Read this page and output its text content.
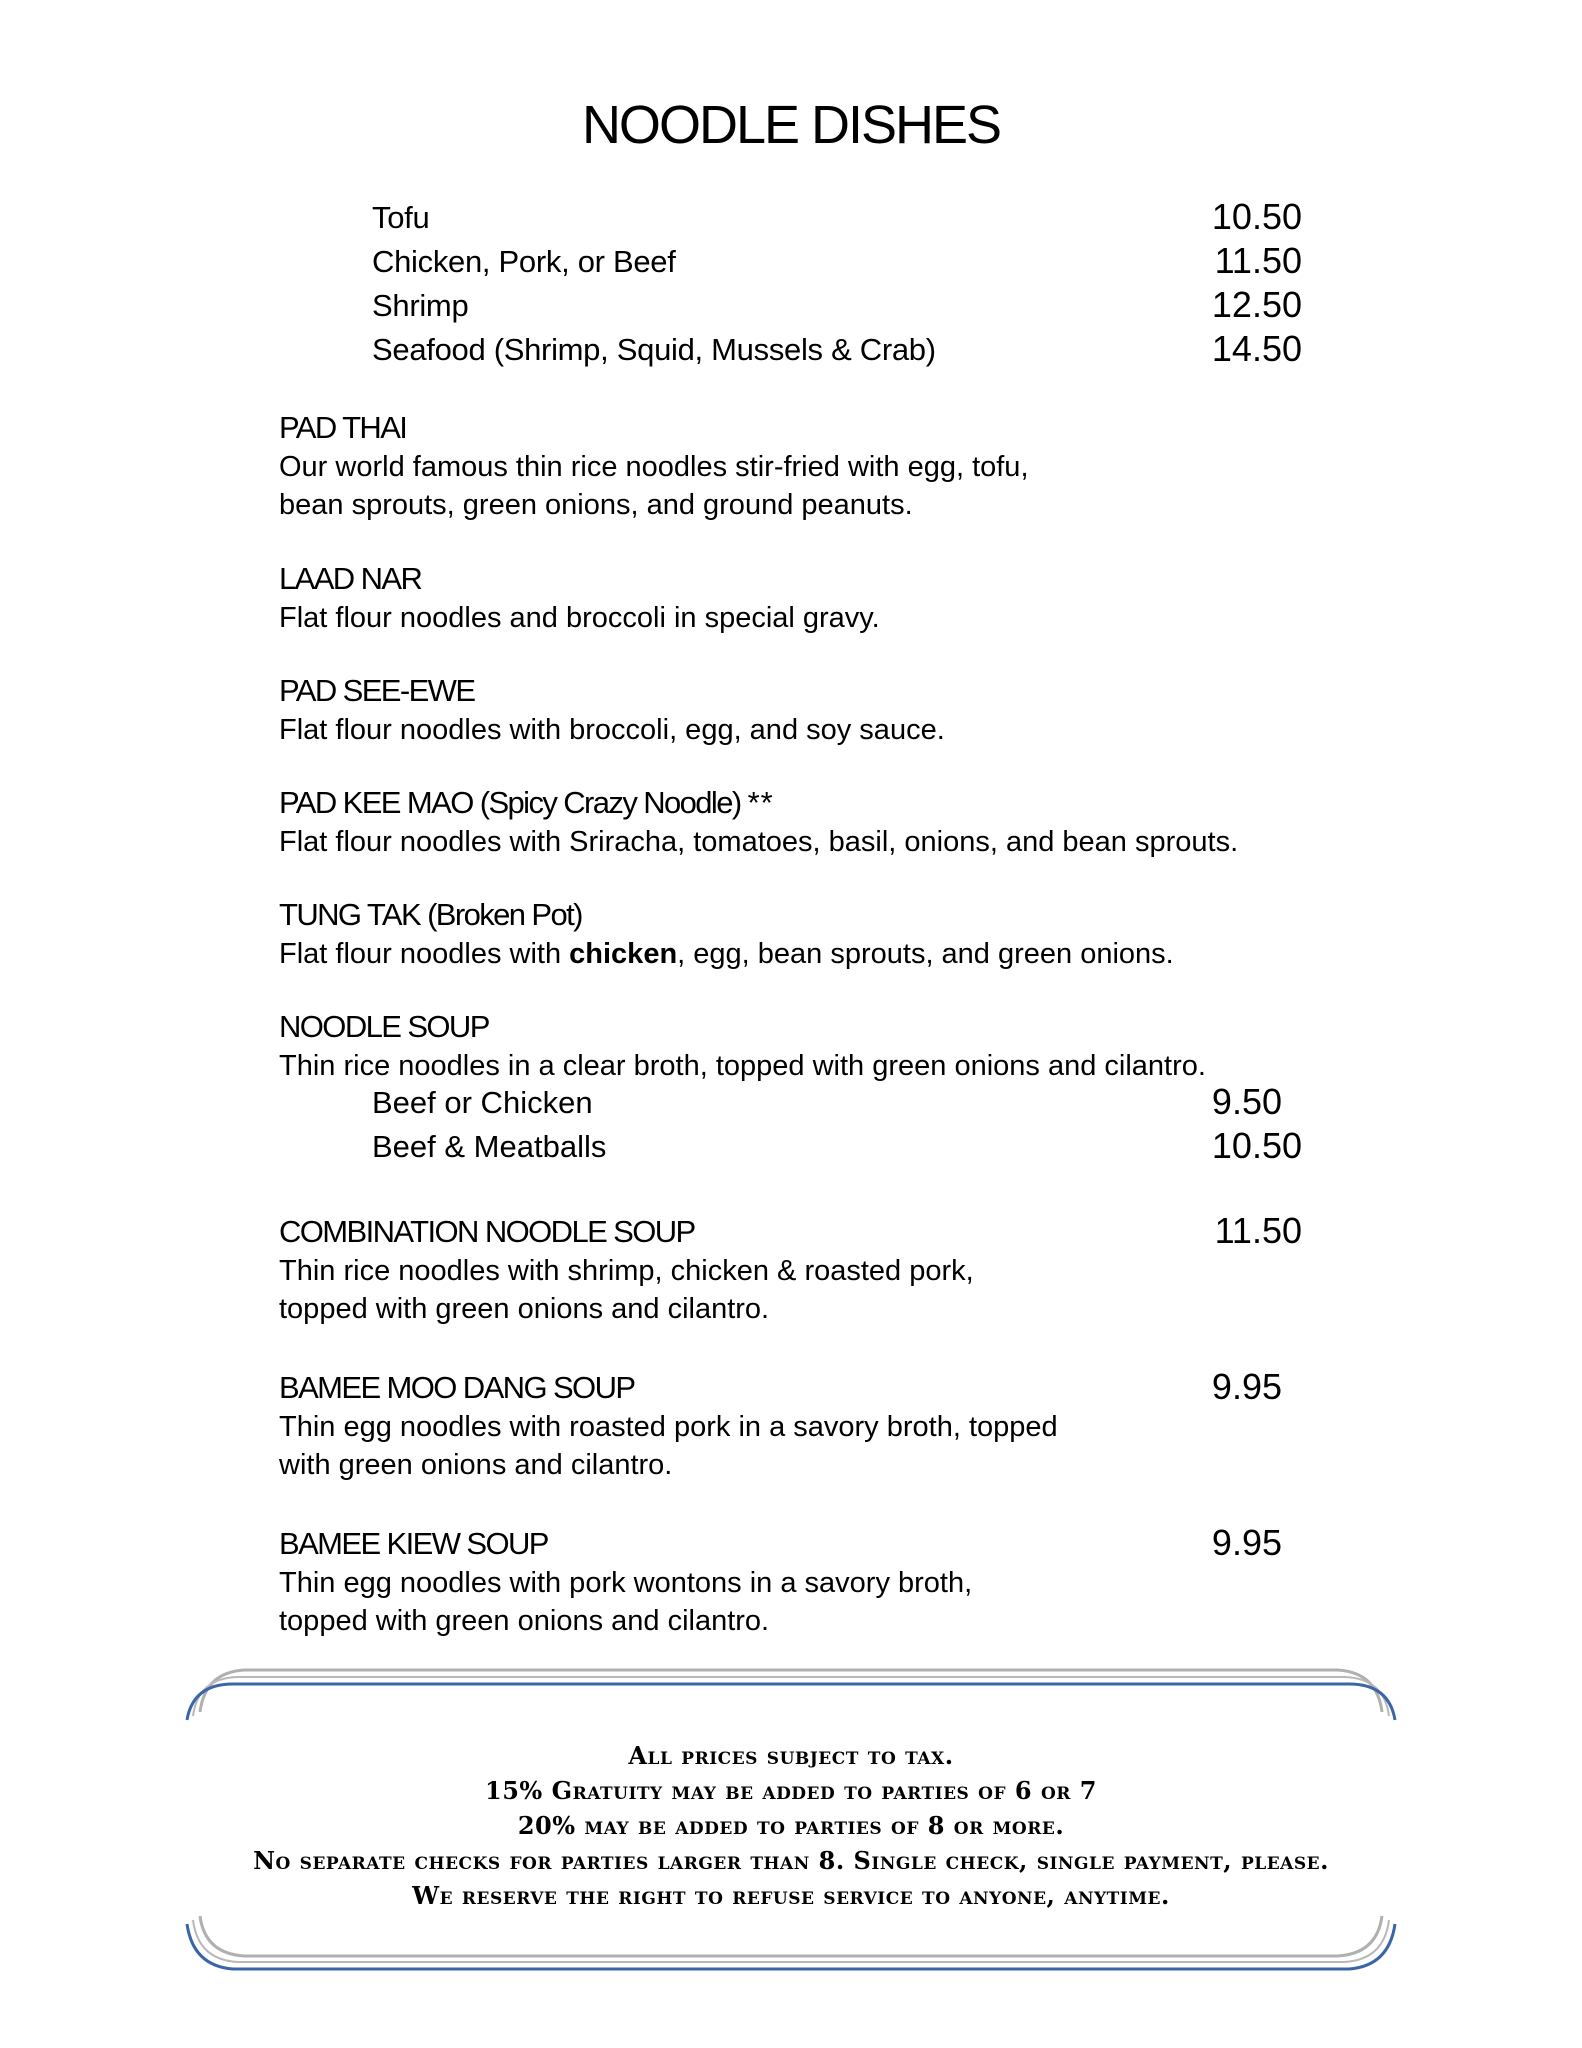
NOODLE DISHES
Tofu	10.50
Chicken, Pork, or Beef	11.50
Shrimp	12.50
Seafood (Shrimp, Squid, Mussels & Crab)	14.50
PAD THAI
Our world famous thin rice noodles stir-fried with egg, tofu,
bean sprouts, green onions, and ground peanuts.
LAAD NAR
Flat flour noodles and broccoli in special gravy.
PAD SEE-EWE
Flat flour noodles with broccoli, egg, and soy sauce.
PAD KEE MAO (Spicy Crazy Noodle) **
Flat flour noodles with Sriracha, tomatoes, basil, onions, and bean sprouts.
TUNG TAK (Broken Pot)
Flat flour noodles with chicken, egg, bean sprouts, and green onions.
NOODLE SOUP
Thin rice noodles in a clear broth, topped with green onions and cilantro.
Beef or Chicken	9.50
Beef & Meatballs	10.50
COMBINATION NOODLE SOUP	11.50
Thin rice noodles with shrimp, chicken & roasted pork,
topped with green onions and cilantro.
BAMEE MOO DANG SOUP	9.95
Thin egg noodles with roasted pork in a savory broth, topped
with green onions and cilantro.
BAMEE KIEW SOUP	9.95
Thin egg noodles with pork wontons in a savory broth,
topped with green onions and cilantro.
All prices subject to tax.
15% Gratuity may be added to parties of 6 or 7
20% may be added to parties of 8 or more.
No separate checks for parties larger than 8. Single check, single payment, please.
We reserve the right to refuse service to anyone, anytime.
